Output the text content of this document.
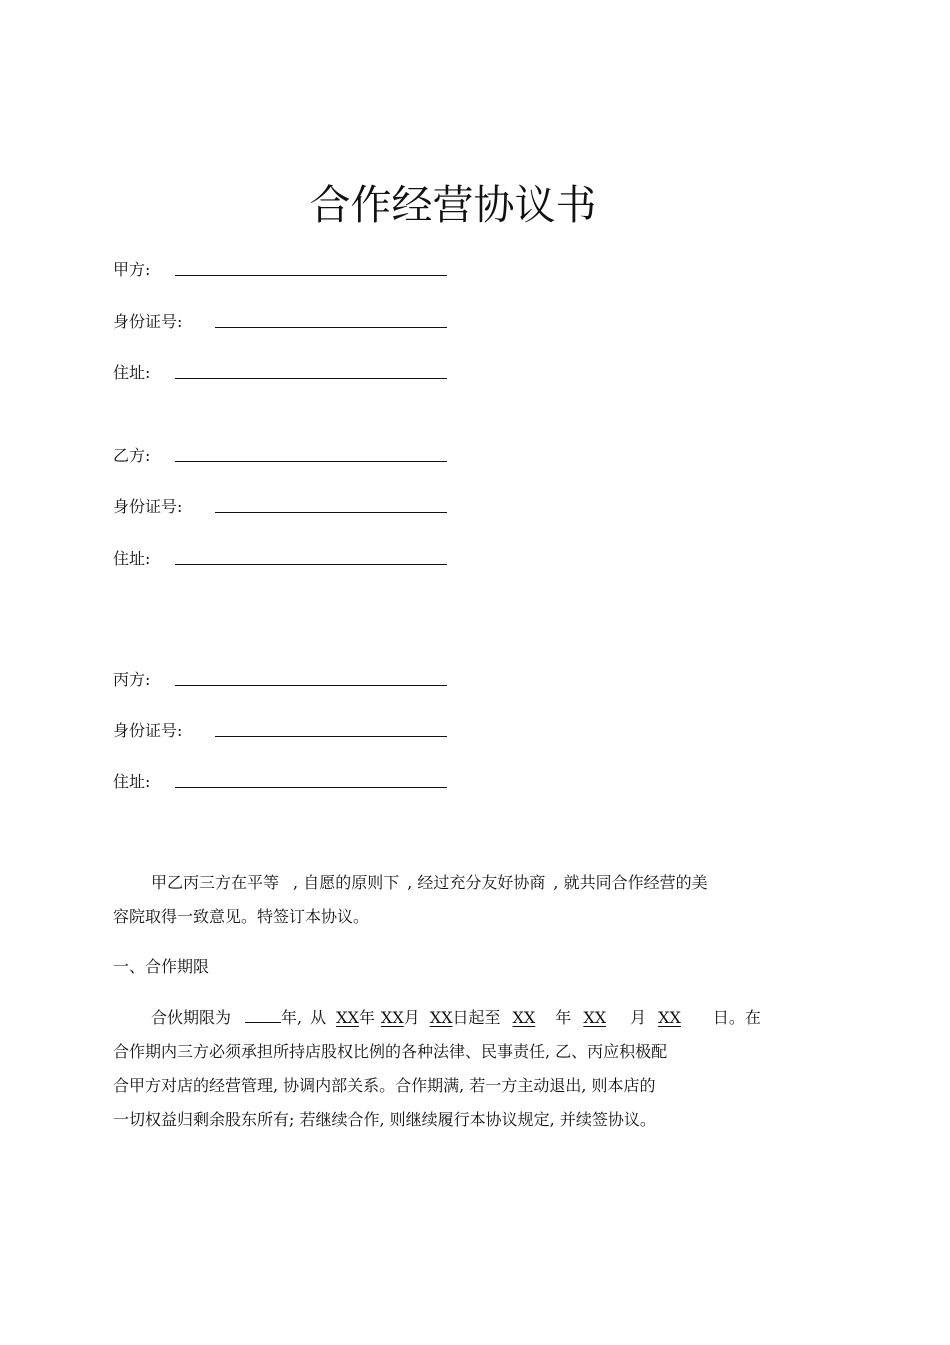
合作经营协议书
甲方:
身份证号:
住址:
乙方:
身份证号:
住址:
丙方:
身份证号:
住址:
甲乙丙三方在平等 , 自愿的原则下 , 经过充分友好协商 , 就共同合作经营的美
容院取得一致意见。特签订本协议。
一、合作期限
合伙期限为	年, 从 XX年 XX月 XX日起至 XX 年 XX 月 XX 日。在
合作期内三方必须承担所持店股权比例的各种法律、民事责任, 乙、丙应积极配
合甲方对店的经营管理, 协调内部关系。合作期满, 若一方主动退出, 则本店的
一切权益归剩余股东所有; 若继续合作, 则继续履行本协议规定, 并续签协议。
